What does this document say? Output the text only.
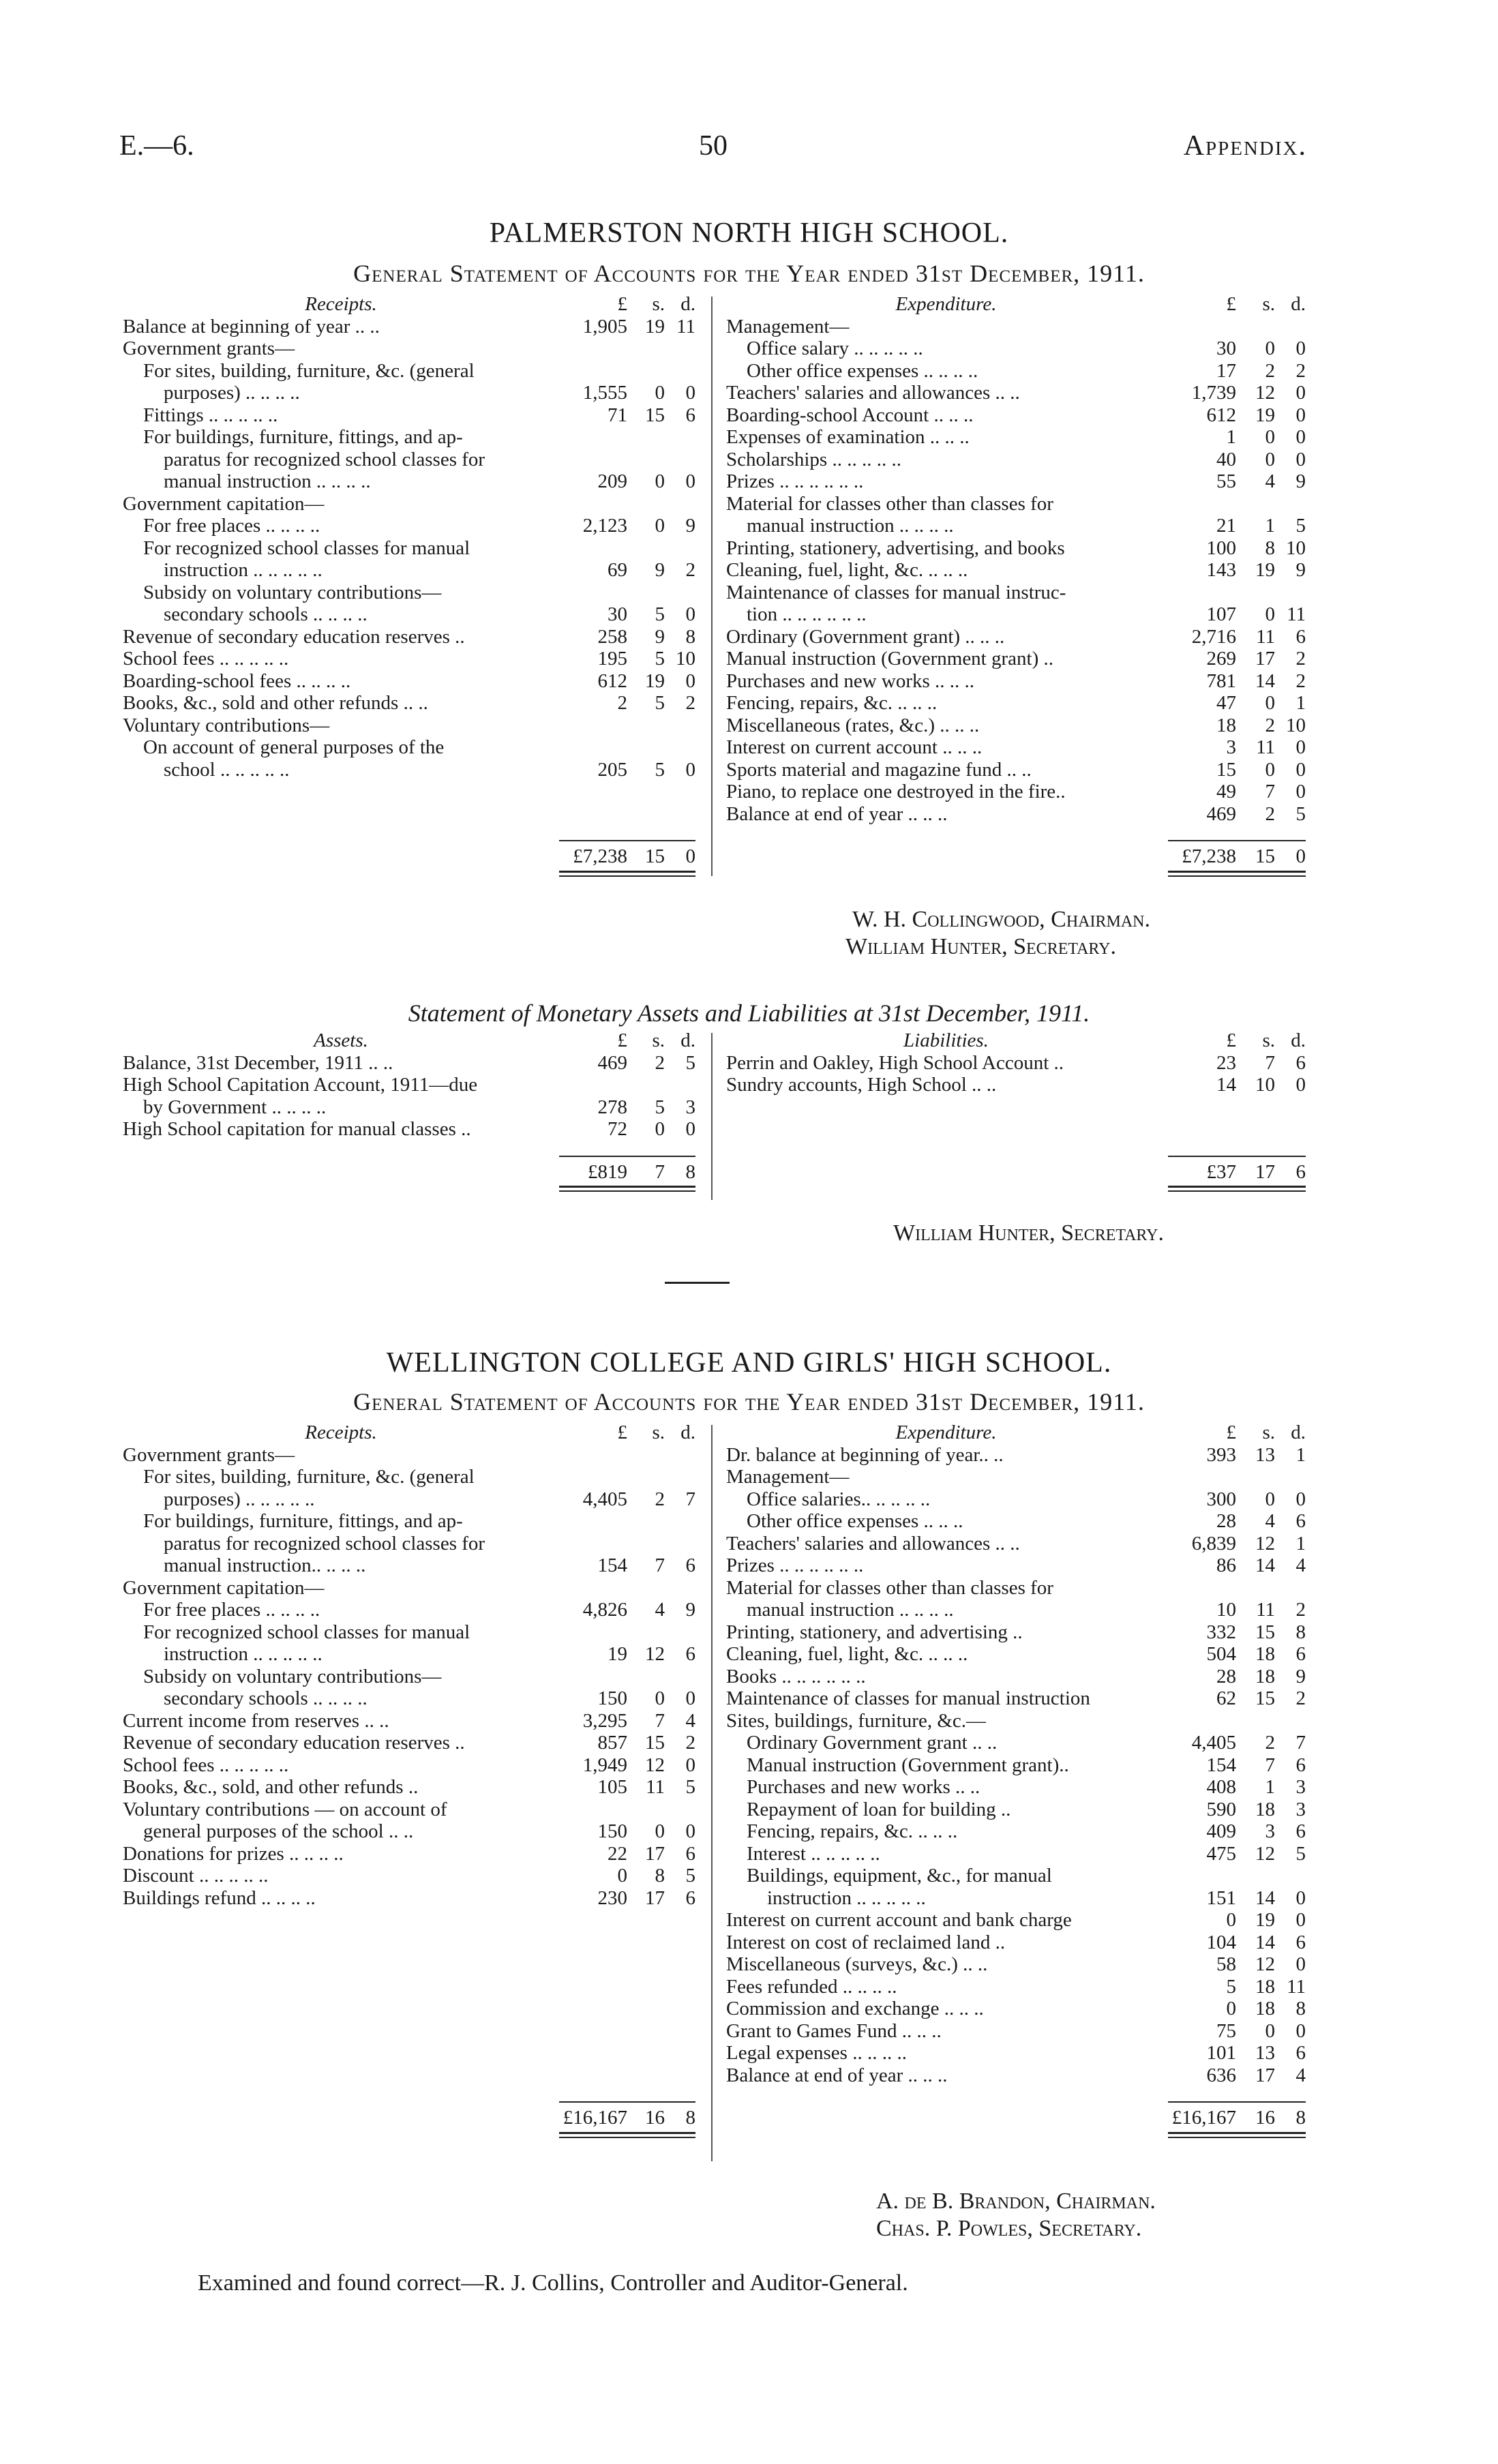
E.—6.	50	Appendix.
PALMERSTON NORTH HIGH SCHOOL.
General Statement of Accounts for the Year ended 31st December, 1911.
Receipts.	£	s. d.
Balance at beginning of year .. ..	1,905 19 11
Government grants—
For sites, building, furniture, &c. (general
purposes) .. .. .. ..	1,555	0	0
Fittings .. .. .. .. ..	71 15	6
For buildings, furniture, fittings, and ap-
paratus for recognized school classes for
manual instruction .. .. .. ..	209	0	0
Government capitation—
For free places .. .. .. ..	2,123	0	9
For recognized school classes for manual
instruction .. .. .. .. ..	69	9	2
Subsidy on voluntary contributions—
secondary schools .. .. .. ..	30	5	0
Revenue of secondary education reserves ..	258	9	8
School fees .. .. .. .. ..	195	5 10
Boarding-school fees .. .. .. ..	612 19	0
Books, &c., sold and other refunds .. ..	2	5	2
Voluntary contributions—
On account of general purposes of the
school .. .. .. .. ..	205	5	0
£7,238 15	0
Expenditure.	£	s. d.
Management—
Office salary .. .. .. .. ..	30	0	0
Other office expenses .. .. .. ..	17	2	2
Teachers' salaries and allowances .. ..	1,739 12	0
Boarding-school Account .. .. ..	612 19	0
Expenses of examination .. .. ..	1	0	0
Scholarships .. .. .. .. ..	40	0	0
Prizes .. .. .. .. .. ..	55	4	9
Material for classes other than classes for
manual instruction .. .. .. ..	21	1	5
Printing, stationery, advertising, and books	100	8 10
Cleaning, fuel, light, &c. .. .. ..	143 19	9
Maintenance of classes for manual instruc-
tion .. .. .. .. .. ..	107	0 11
Ordinary (Government grant) .. .. ..	2,716	11	6
Manual instruction (Government grant) ..	269 17	2
Purchases and new works .. .. ..	781 14	2
Fencing, repairs, &c. .. .. ..	47	0	1
Miscellaneous (rates, &c.) .. .. ..	18	2 10
Interest on current account .. .. ..	3	11	0
Sports material and magazine fund .. ..	15	0	0
Piano, to replace one destroyed in the fire..	49	7	0
Balance at end of year .. .. ..	469	2	5
£7,238 15	0
W. H. Collingwood, Chairman.
William Hunter, Secretary.
Statement of Monetary Assets and Liabilities at 31st December, 1911.
Assets.	£	s. d.
Balance, 31st December, 1911 .. ..	469	2	5
High School Capitation Account, 1911—due
by Government .. .. .. ..	278	5	3
High School capitation for manual classes ..	72	0	0
£819	7	8
Liabilities.	£	s. d.
Perrin and Oakley, High School Account ..	23	7	6
Sundry accounts, High School .. ..	14 10	0
£37 17	6
William Hunter, Secretary.
WELLINGTON COLLEGE AND GIRLS' HIGH SCHOOL.
General Statement of Accounts for the Year ended 31st December, 1911.
Receipts.	£	s. d.
Government grants—
For sites, building, furniture, &c. (general
purposes) .. .. .. .. ..	4,405	2	7
For buildings, furniture, fittings, and ap-
paratus for recognized school classes for
manual instruction.. .. .. ..	154	7	6
Government capitation—
For free places .. .. .. ..	4,826	4	9
For recognized school classes for manual
instruction .. .. .. .. ..	19 12	6
Subsidy on voluntary contributions—
secondary schools .. .. .. ..	150	0	0
Current income from reserves .. ..	3,295	7	4
Revenue of secondary education reserves ..	857 15	2
School fees .. .. .. .. ..	1,949 12	0
Books, &c., sold, and other refunds ..	105 11	5
Voluntary contributions — on account of
general purposes of the school .. ..	150	0	0
Donations for prizes .. .. .. ..	22 17	6
Discount .. .. .. .. ..	0	8	5
Buildings refund .. .. .. ..	230 17	6
£16,167 16	8
Expenditure.	£	s. d.
Dr. balance at beginning of year.. ..	393 13	1
Management—
Office salaries.. .. .. .. ..	300	0	0
Other office expenses .. .. ..	28	4	6
Teachers' salaries and allowances .. ..	6,839 12	1
Prizes .. .. .. .. .. ..	86 14	4
Material for classes other than classes for
manual instruction .. .. .. ..	10	11	2
Printing, stationery, and advertising ..	332 15	8
Cleaning, fuel, light, &c. .. .. ..	504 18	6
Books .. .. .. .. .. ..	28 18	9
Maintenance of classes for manual instruction	62 15	2
Sites, buildings, furniture, &c.—
Ordinary Government grant .. ..	4,405	2	7
Manual instruction (Government grant)..	154	7	6
Purchases and new works .. ..	408	1	3
Repayment of loan for building ..	590 18	3
Fencing, repairs, &c. .. .. ..	409	3	6
Interest .. .. .. .. ..	475 12	5
Buildings, equipment, &c., for manual
instruction .. .. .. .. ..	151 14	0
Interest on current account and bank charge	0 19	0
Interest on cost of reclaimed land ..	104 14	6
Miscellaneous (surveys, &c.) .. ..	58 12	0
Fees refunded .. .. .. ..	5 18 11
Commission and exchange .. .. ..	0 18	8
Grant to Games Fund .. .. ..	75	0	0
Legal expenses .. .. .. ..	101 13	6
Balance at end of year .. .. ..	636 17	4
£16,167 16	8
A. de B. Brandon, Chairman.
Chas. P. Powles, Secretary.
Examined and found correct—R. J. Collins, Controller and Auditor-General.
